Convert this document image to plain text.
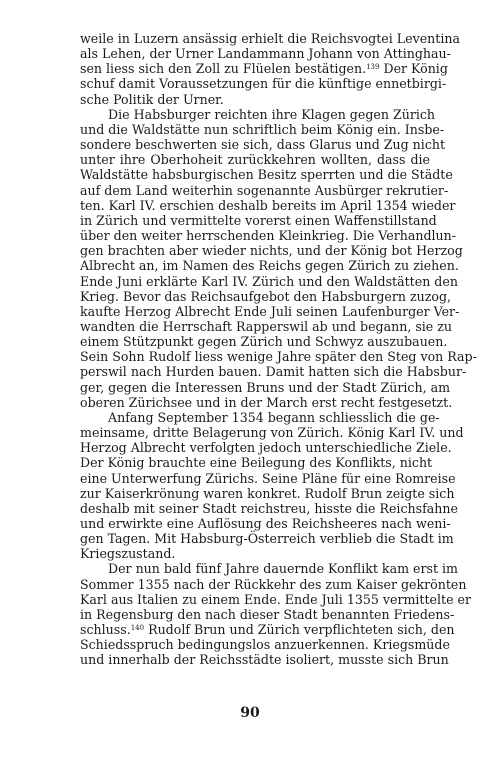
weile in Luzern ansässig erhielt die Reichsvogtei Leventina
als Lehen, der Urner Landammann Johann von Attinghau-
sen liess sich den Zoll zu Flüelen bestätigen.$^{139}$ Der König
schuf damit Voraussetzungen für die künftige ennetbirgi-
sche Politik der Urner.

Die Habsburger reichten ihre Klagen gegen Zürich
und die Waldstätte nun schriftlich beim König ein. Insbe-
sondere beschwerten sie sich, dass Glarus und Zug nicht
unter ihre Oberhoheit zurückkehren wollten, dass die
Waldstätte habsburgischen Besitz sperrten und die Städte
auf dem Land weiterhin sogenannte Ausbürger rekrutier-
ten. Karl IV. erschien deshalb bereits im April 1354 wieder
in Zürich und vermittelte vorerst einen Waffenstillstand
über den weiter herrschenden Kleinkrieg. Die Verhandlun-
gen brachten aber wieder nichts, und der König bot Herzog
Albrecht an, im Namen des Reichs gegen Zürich zu ziehen.
Ende Juni erklärte Karl IV. Zürich und den Waldstätten den
Krieg. Bevor das Reichsaufgebot den Habsburgern zuzog,
kaufte Herzog Albrecht Ende Juli seinen Laufenburger Ver-
wandten die Herrschaft Rapperswil ab und begann, sie zu
einem Stützpunkt gegen Zürich und Schwyz auszubauen.
Sein Sohn Rudolf liess wenige Jahre später den Steg von Rap-
perswil nach Hurden bauen. Damit hatten sich die Habsbur-
ger, gegen die Interessen Bruns und der Stadt Zürich, am
oberen Zürichsee und in der March erst recht festgesetzt.

Anfang September 1354 begann schliesslich die ge-
meinsame, dritte Belagerung von Zürich. König Karl IV. und
Herzog Albrecht verfolgten jedoch unterschiedliche Ziele.
Der König brauchte eine Beilegung des Konflikts, nicht
eine Unterwerfung Zürichs. Seine Pläne für eine Romreise
zur Kaiserkrönung waren konkret. Rudolf Brun zeigte sich
deshalb mit seiner Stadt reichstreu, hisste die Reichsfahne
und erwirkte eine Auflösung des Reichsheeres nach weni-
gen Tagen. Mit Habsburg-Österreich verblieb die Stadt im
Kriegszustand.

Der nun bald fünf Jahre dauernde Konflikt kam erst im
Sommer 1355 nach der Rückkehr des zum Kaiser gekrönten
Karl aus Italien zu einem Ende. Ende Juli 1355 vermittelte er
in Regensburg den nach dieser Stadt benannten Friedens-
schluss.$^{140}$ Rudolf Brun und Zürich verpflichteten sich, den
Schiedsspruch bedingungslos anzuerkennen. Kriegsmüde
und innerhalb der Reichsstädte isoliert, musste sich Brun

90
